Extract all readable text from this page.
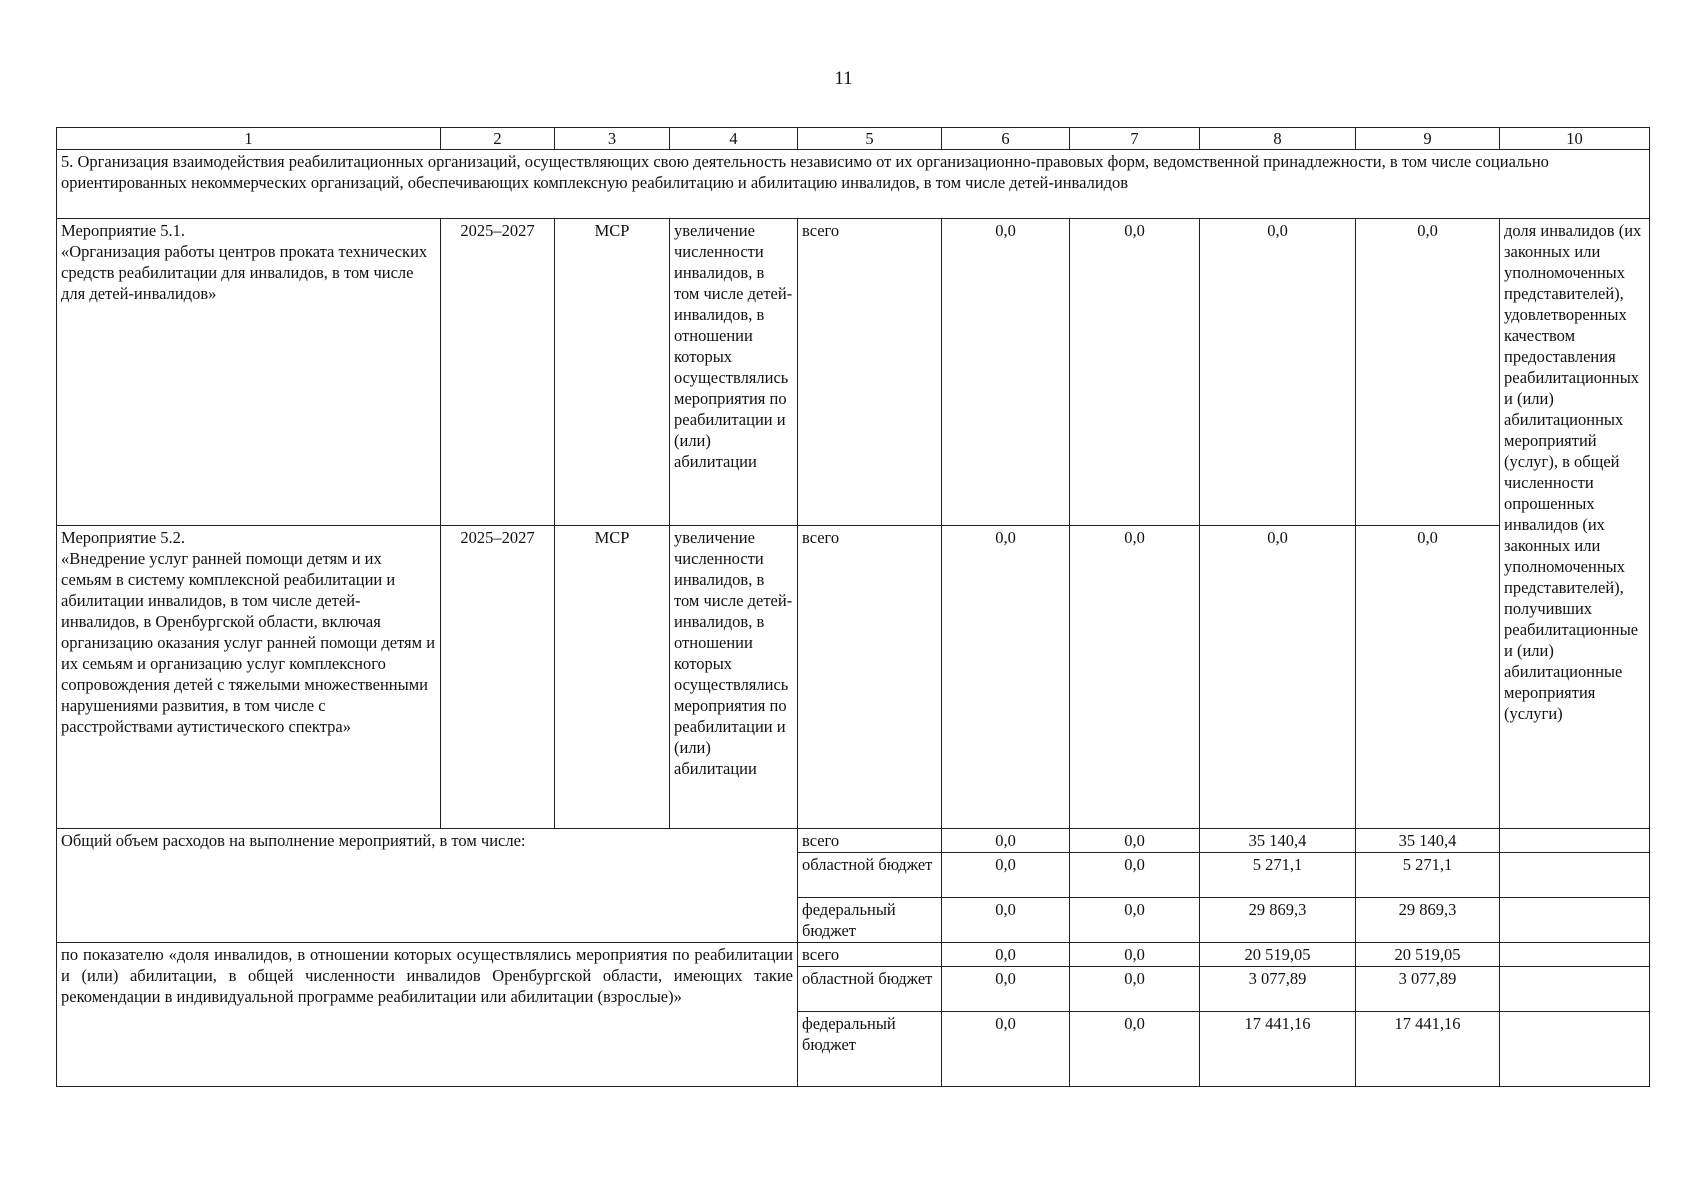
11
1	2	3	4	5	6	7	8	9	10
5. Организация взаимодействия реабилитационных организаций, осуществляющих свою деятельность независимо от их организационно-правовых форм, ведомственной принадлежности, в том числе социально ориентированных некоммерческих организаций, обеспечивающих комплексную реабилитацию и абилитацию инвалидов, в том числе детей-инвалидов									

Мероприятие 5.1.
«Организация работы центров проката технических средств реабилитации для инвалидов, в том числе для детей-инвалидов»	2025–2027	МСР	увеличение численности инвалидов, в том числе детей-инвалидов, в отношении которых осуществлялись мероприятия по реабилитации и (или) абилитации	всего	0,0	0,0	0,0	0,0	доля инвалидов (их законных или уполномоченных представителей), удовлетворенных качеством предоставления реабилитационных и (или) абилитационных мероприятий (услуг), в общей численности опрошенных инвалидов (их законных или уполномоченных представителей), получивших реабилитационные и (или) абилитационные мероприятия (услуги)

Мероприятие 5.2.
«Внедрение услуг ранней помощи детям и их семьям в систему комплексной реабилитации и абилитации инвалидов, в том числе детей-инвалидов, в Оренбургской области, включая организацию оказания услуг ранней помощи детям и их семьям и организацию услуг комплексного сопровождения детей с тяжелыми множественными нарушениями развития, в том числе с расстройствами аутистического спектра»	2025–2027	МСР	увеличение численности инвалидов, в том числе детей-инвалидов, в отношении которых осуществлялись мероприятия по реабилитации и (или) абилитации	всего	0,0	0,0	0,0	0,0	
Общий объем расходов на выполнение мероприятий, в том числе:				всего	0,0	0,0	35 140,4	35 140,4	
				областной бюджет	0,0	0,0	5 271,1	5 271,1	
				федеральный бюджет	0,0	0,0	29 869,3	29 869,3	
по показателю «доля инвалидов, в отношении которых осуществлялись мероприятия по реабилитации и (или) абилитации, в общей численности инвалидов Оренбургской области, имеющих такие рекомендации в индивидуальной программе реабилитации или абилитации (взрослые)»				всего	0,0	0,0	20 519,05	20 519,05	
				областной бюджет	0,0	0,0	3 077,89	3 077,89	
				федеральный бюджет	0,0	0,0	17 441,16	17 441,16	
